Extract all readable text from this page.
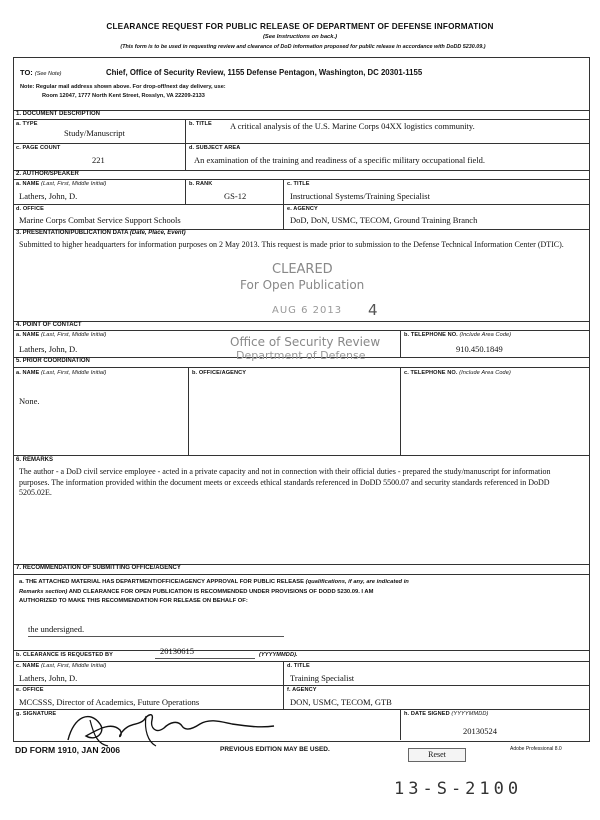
CLEARANCE REQUEST FOR PUBLIC RELEASE OF DEPARTMENT OF DEFENSE INFORMATION
(See Instructions on back.)
(This form is to be used in requesting review and clearance of DoD information proposed for public release in accordance with DoDD 5230.09.)
TO: (See Note)	Chief, Office of Security Review, 1155 Defense Pentagon, Washington, DC 20301-1155
Note: Regular mail address shown above. For drop-off/next day delivery, use:
Room 12047, 1777 North Kent Street, Rosslyn, VA 22209-2133
1. DOCUMENT DESCRIPTION
a. TYPE
Study/Manuscript
b. TITLE A critical analysis of the U.S. Marine Corps 04XX logistics community.
c. PAGE COUNT
221
d. SUBJECT AREA
An examination of the training and readiness of a specific military occupational field.
2. AUTHOR/SPEAKER
a. NAME (Last, First, Middle Initial)
Lathers, John, D.
b. RANK
GS-12
c. TITLE
Instructional Systems/Training Specialist
d. OFFICE
Marine Corps Combat Service Support Schools
e. AGENCY
DoD, DoN, USMC, TECOM, Ground Training Branch
3. PRESENTATION/PUBLICATION DATA (Date, Place, Event)
Submitted to higher headquarters for information purposes on 2 May 2013. This request is made prior to submission to the Defense Technical Information Center (DTIC).
CLEARED
For Open Publication
AUG 6 2013 4
4. POINT OF CONTACT
a. NAME (Last, First, Middle Initial)
Lathers, John, D.
b. TELEPHONE NO. (Include Area Code)
910.450.1849
Office of Security Review
Department of Defense
5. PRIOR COORDINATION
a. NAME (Last, First, Middle Initial)	b. OFFICE/AGENCY	c. TELEPHONE NO. (Include Area Code)
None.
6. REMARKS
The author - a DoD civil service employee - acted in a private capacity and not in connection with their official duties - prepared the study/manuscript for information purposes. The information provided within the document meets or exceeds ethical standards referenced in DoDD 5500.07 and security standards referenced in DoDD 5205.02E.
7. RECOMMENDATION OF SUBMITTING OFFICE/AGENCY
a. THE ATTACHED MATERIAL HAS DEPARTMENT/OFFICE/AGENCY APPROVAL FOR PUBLIC RELEASE (qualifications, if any, are indicated in
Remarks section) AND CLEARANCE FOR OPEN PUBLICATION IS RECOMMENDED UNDER PROVISIONS OF DODD 5230.09. I AM
AUTHORIZED TO MAKE THIS RECOMMENDATION FOR RELEASE ON BEHALF OF:
the undersigned.
b. CLEARANCE IS REQUESTED BY	20130615	(YYYYMMDD).
c. NAME (Last, First, Middle Initial)
Lathers, John, D.
d. TITLE
Training Specialist
e. OFFICE
MCCSSS, Director of Academics, Future Operations
f. AGENCY
DON, USMC, TECOM, GTB
g. SIGNATURE	h. DATE SIGNED (YYYYMMDD)
20130524
DD FORM 1910, JAN 2006	PREVIOUS EDITION MAY BE USED.
Reset
Adobe Professional 8.0
13-S-2100
